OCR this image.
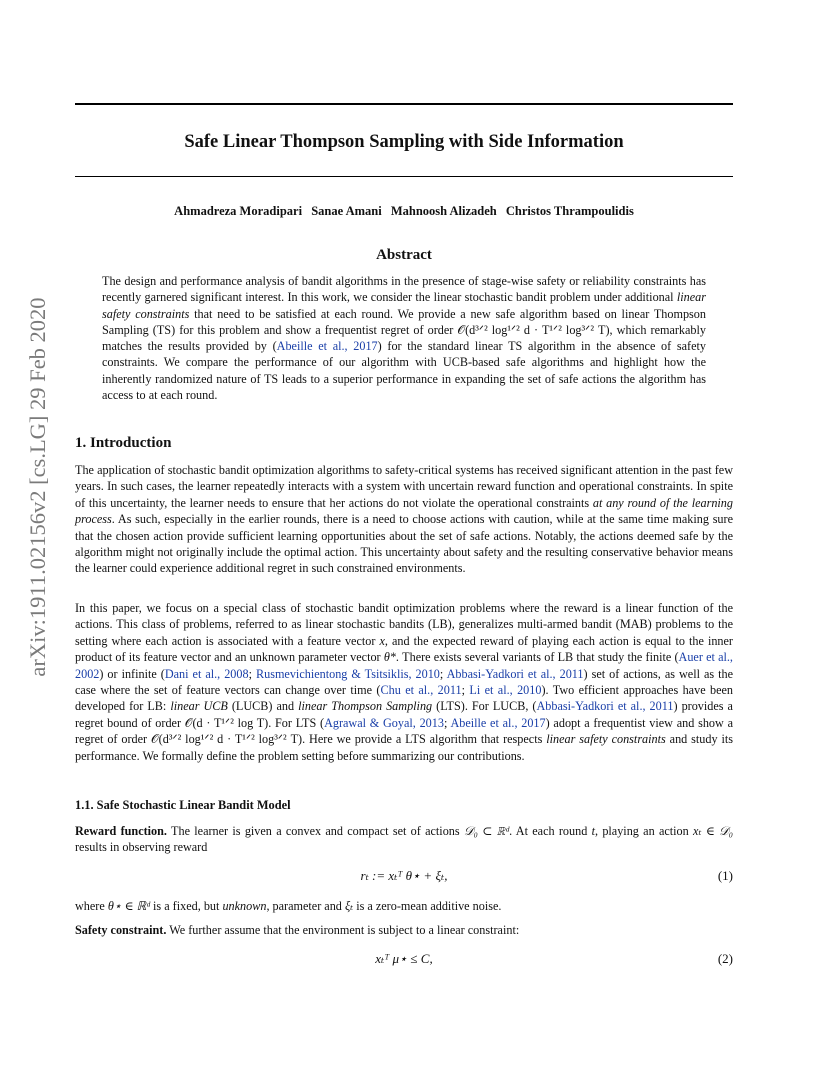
arXiv:1911.02156v2 [cs.LG] 29 Feb 2020
Safe Linear Thompson Sampling with Side Information
Ahmadreza Moradipari Sanae Amani Mahnoosh Alizadeh Christos Thrampoulidis
Abstract
The design and performance analysis of bandit algorithms in the presence of stage-wise safety or reliability constraints has recently garnered significant interest. In this work, we consider the linear stochastic bandit problem under additional linear safety constraints that need to be satisfied at each round. We provide a new safe algorithm based on linear Thompson Sampling (TS) for this problem and show a frequentist regret of order 𝒪(d³ᐟ² log¹ᐟ² d · T¹ᐟ² log³ᐟ² T), which remarkably matches the results provided by (Abeille et al., 2017) for the standard linear TS algorithm in the absence of safety constraints. We compare the performance of our algorithm with UCB-based safe algorithms and highlight how the inherently randomized nature of TS leads to a superior performance in expanding the set of safe actions the algorithm has access to at each round.
1. Introduction
The application of stochastic bandit optimization algorithms to safety-critical systems has received significant attention in the past few years. In such cases, the learner repeatedly interacts with a system with uncertain reward function and operational constraints. In spite of this uncertainty, the learner needs to ensure that her actions do not violate the operational constraints at any round of the learning process. As such, especially in the earlier rounds, there is a need to choose actions with caution, while at the same time making sure that the chosen action provide sufficient learning opportunities about the set of safe actions. Notably, the actions deemed safe by the algorithm might not originally include the optimal action. This uncertainty about safety and the resulting conservative behavior means the learner could experience additional regret in such constrained environments.
In this paper, we focus on a special class of stochastic bandit optimization problems where the reward is a linear function of the actions. This class of problems, referred to as linear stochastic bandits (LB), generalizes multi-armed bandit (MAB) problems to the setting where each action is associated with a feature vector x, and the expected reward of playing each action is equal to the inner product of its feature vector and an unknown parameter vector θ*. There exists several variants of LB that study the finite (Auer et al., 2002) or infinite (Dani et al., 2008; Rusmevichientong & Tsitsiklis, 2010; Abbasi-Yadkori et al., 2011) set of actions, as well as the case where the set of feature vectors can change over time (Chu et al., 2011; Li et al., 2010). Two efficient approaches have been developed for LB: linear UCB (LUCB) and linear Thompson Sampling (LTS). For LUCB, (Abbasi-Yadkori et al., 2011) provides a regret bound of order 𝒪(d · T¹ᐟ² log T). For LTS (Agrawal & Goyal, 2013; Abeille et al., 2017) adopt a frequentist view and show a regret of order 𝒪(d³ᐟ² log¹ᐟ² d · T¹ᐟ² log³ᐟ² T). Here we provide a LTS algorithm that respects linear safety constraints and study its performance. We formally define the problem setting before summarizing our contributions.
1.1. Safe Stochastic Linear Bandit Model
Reward function. The learner is given a convex and compact set of actions 𝒟₀ ⊂ ℝᵈ. At each round t, playing an action xₜ ∈ 𝒟₀ results in observing reward
rₜ := xₜᵀ θ⋆ + ξₜ,	(1)
where θ⋆ ∈ ℝᵈ is a fixed, but unknown, parameter and ξₜ is a zero-mean additive noise.
Safety constraint. We further assume that the environment is subject to a linear constraint:
xₜᵀ μ⋆ ≤ C,	(2)
